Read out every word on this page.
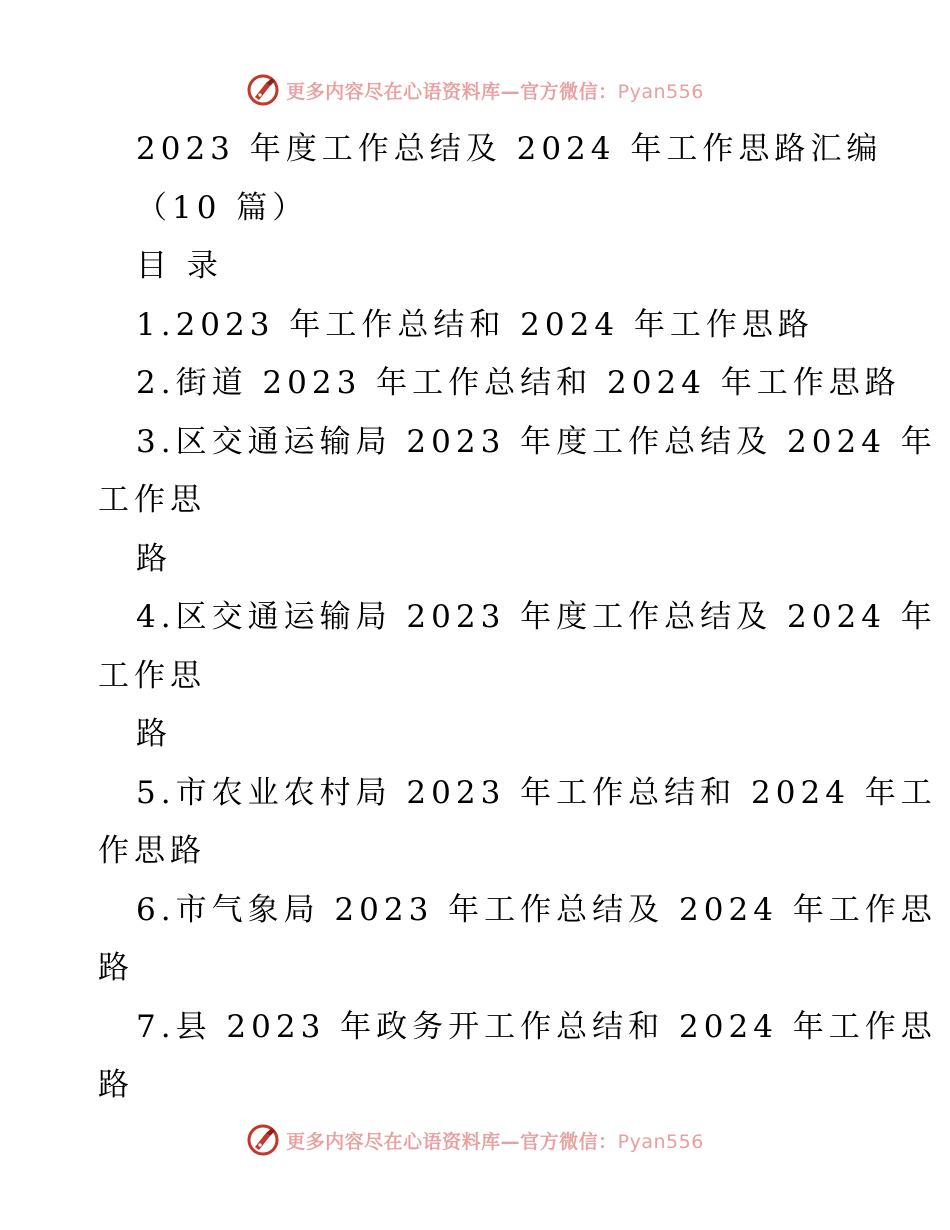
更多内容尽在心语资料库—官方微信：Pyan556
2023 年度工作总结及 2024 年工作思路汇编
（10 篇）
目 录
1.2023 年工作总结和 2024 年工作思路
2.街道 2023 年工作总结和 2024 年工作思路
3.区交通运输局 2023 年度工作总结及 2024 年
工作思
路
4.区交通运输局 2023 年度工作总结及 2024 年
工作思
路
5.市农业农村局 2023 年工作总结和 2024 年工
作思路
6.市气象局 2023 年工作总结及 2024 年工作思
路
7.县 2023 年政务开工作总结和 2024 年工作思
路
更多内容尽在心语资料库—官方微信：Pyan556
